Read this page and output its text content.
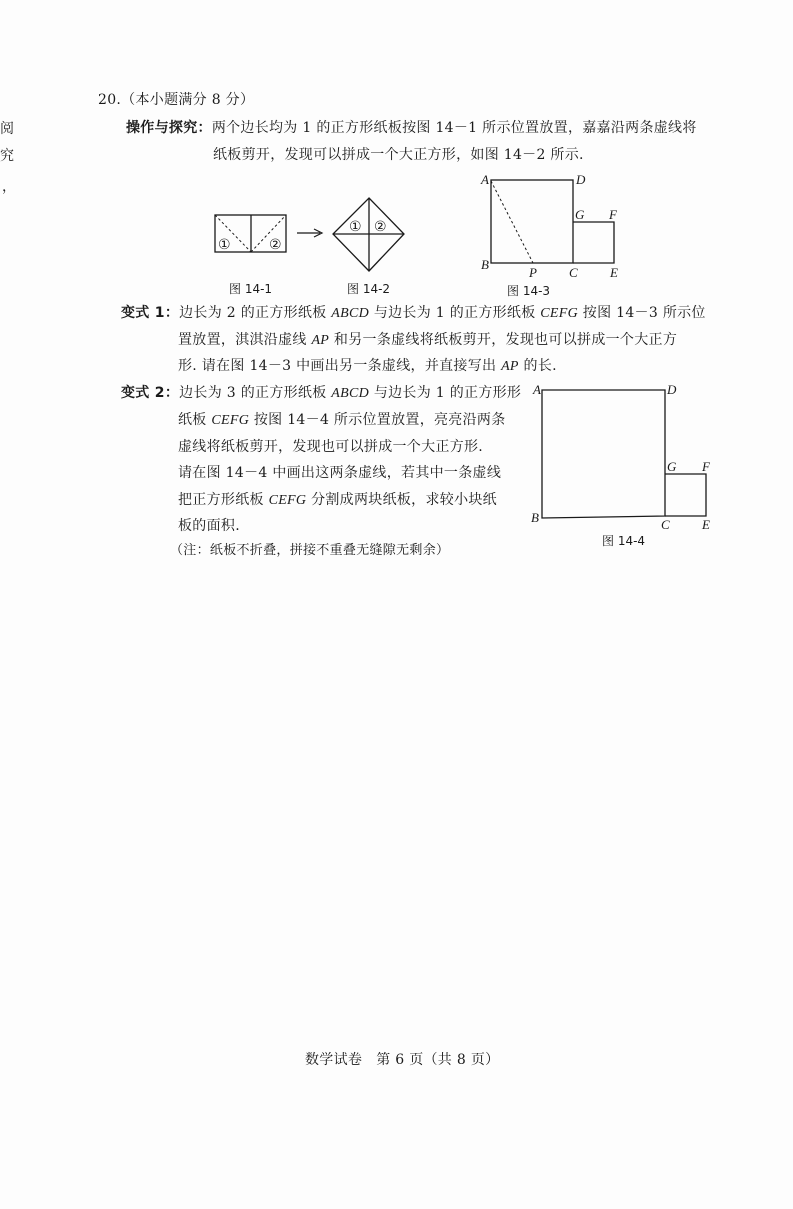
阅
究
，
20.（本小题满分 8 分）
操作与探究：两个边长均为 1 的正方形纸板按图 14－1 所示位置放置，嘉嘉沿两条虚线将
纸板剪开，发现可以拼成一个大正方形，如图 14－2 所示.
①	②
① ②
A	D
G F
B
P C E
A	D
G F
B	C E
图 14-1	图 14-2	图 14-3
图 14-4
变式 1：边长为 2 的正方形纸板 ABCD 与边长为 1 的正方形纸板 CEFG 按图 14－3 所示位
置放置，淇淇沿虚线 AP 和另一条虚线将纸板剪开，发现也可以拼成一个大正方
形. 请在图 14－3 中画出另一条虚线，并直接写出 AP 的长.
变式 2：边长为 3 的正方形纸板 ABCD 与边长为 1 的正方形形
纸板 CEFG 按图 14－4 所示位置放置，亮亮沿两条
虚线将纸板剪开，发现也可以拼成一个大正方形.
请在图 14－4 中画出这两条虚线，若其中一条虚线
把正方形纸板 CEFG 分割成两块纸板，求较小块纸
板的面积.
（注：纸板不折叠，拼接不重叠无缝隙无剩余）
数学试卷 第 6 页（共 8 页）
